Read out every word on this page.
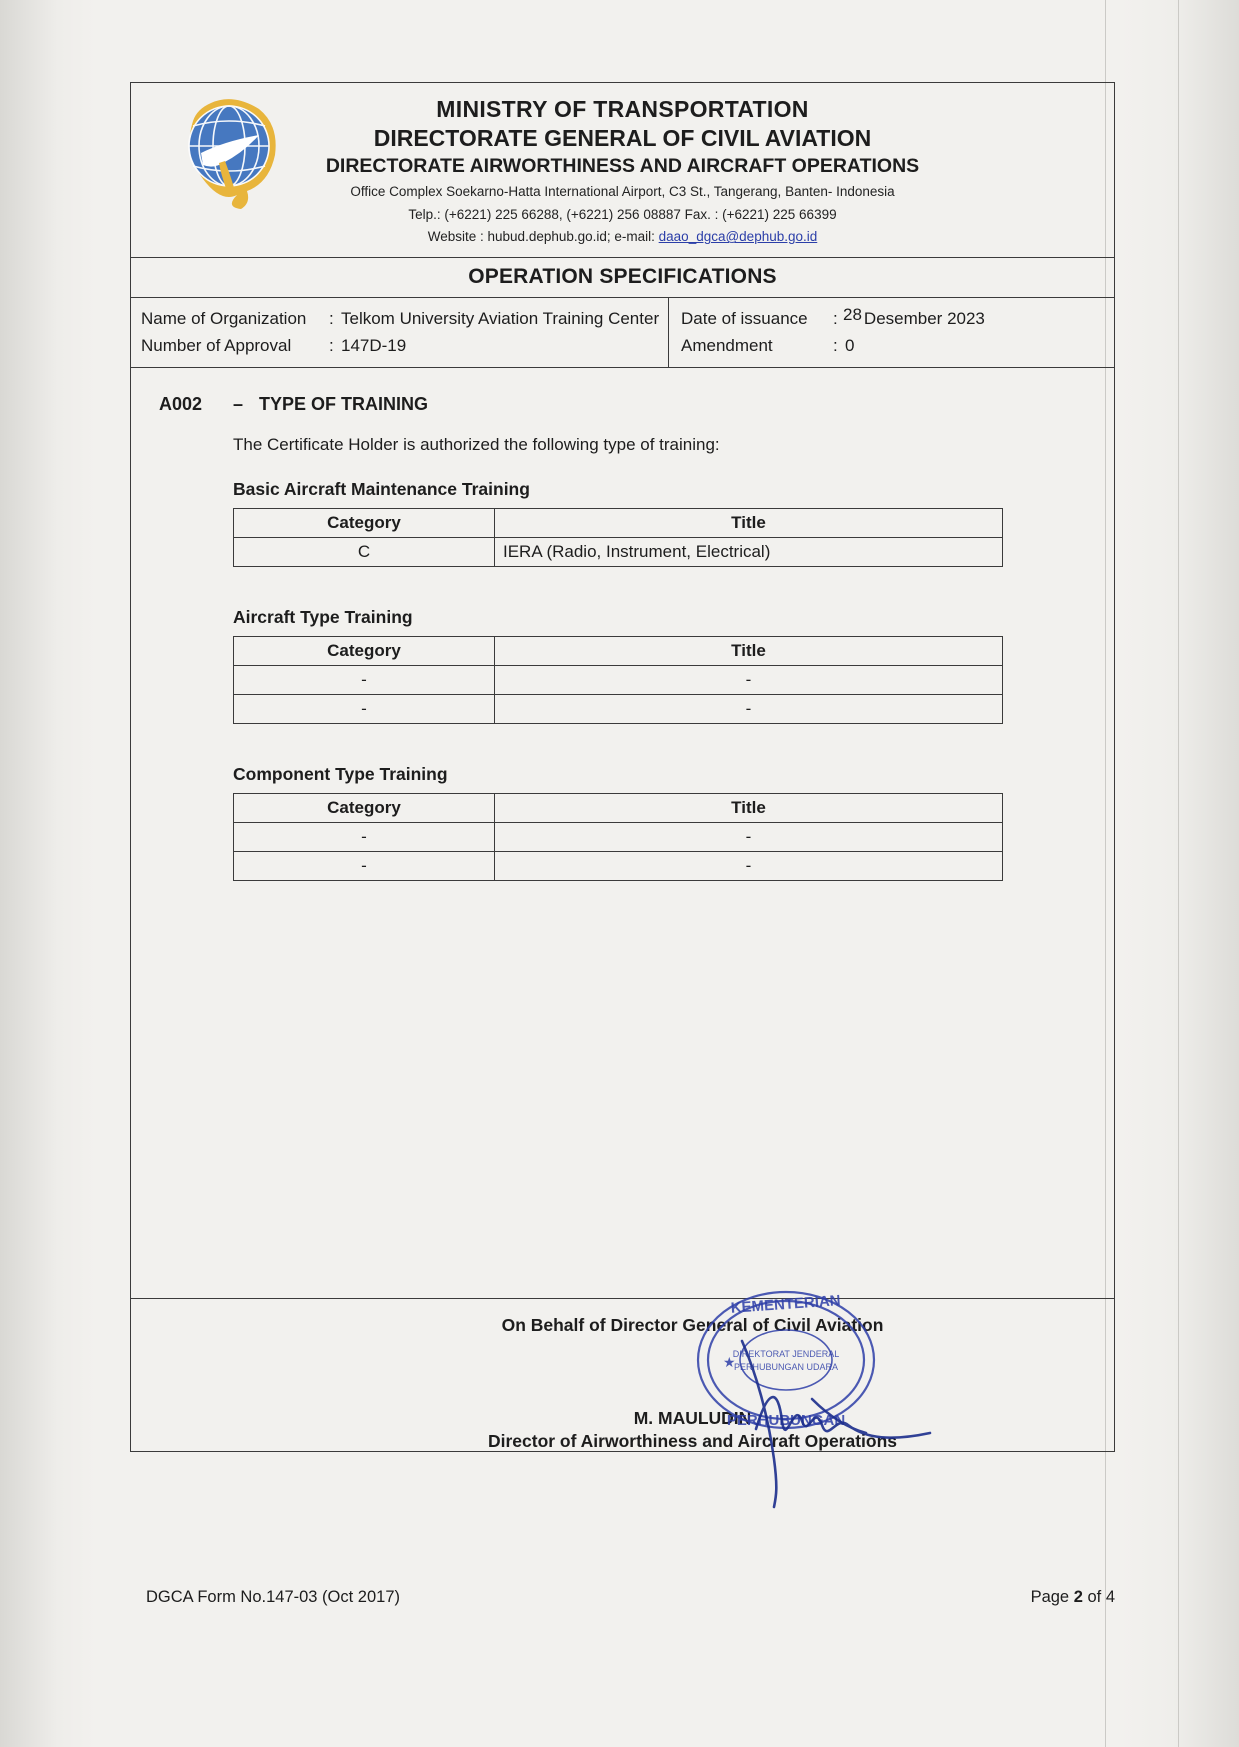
MINISTRY OF TRANSPORTATION
DIRECTORATE GENERAL OF CIVIL AVIATION
DIRECTORATE AIRWORTHINESS AND AIRCRAFT OPERATIONS
Office Complex Soekarno-Hatta International Airport, C3 St., Tangerang, Banten- Indonesia
Telp.: (+6221) 225 66288, (+6221) 256 08887 Fax. : (+6221) 225 66399
Website : hubud.dephub.go.id; e-mail: daao_dgca@dephub.go.id
OPERATION SPECIFICATIONS
Name of Organization	: Telkom University Aviation Training Center
Number of Approval	: 147D-19
Date of issuance	: $^{28}$ Desember 2023
Amendment	: 0
A002	– TYPE OF TRAINING
The Certificate Holder is authorized the following type of training:
Basic Aircraft Maintenance Training
Category	Title
C	IERA (Radio, Instrument, Electrical)
Aircraft Type Training
Category	Title
-	-
-	-
Component Type Training
Category	Title
-	-
-	-
On Behalf of Director General of Civil Aviation
M. MAULUDIN
Director of Airworthiness and Aircraft Operations
KEMENTERIAN
PERHUBUNGAN
DIREKTORAT JENDERAL
PERHUBUNGAN UDARA
★
DGCA Form No.147-03 (Oct 2017)	Page 2 of 4
